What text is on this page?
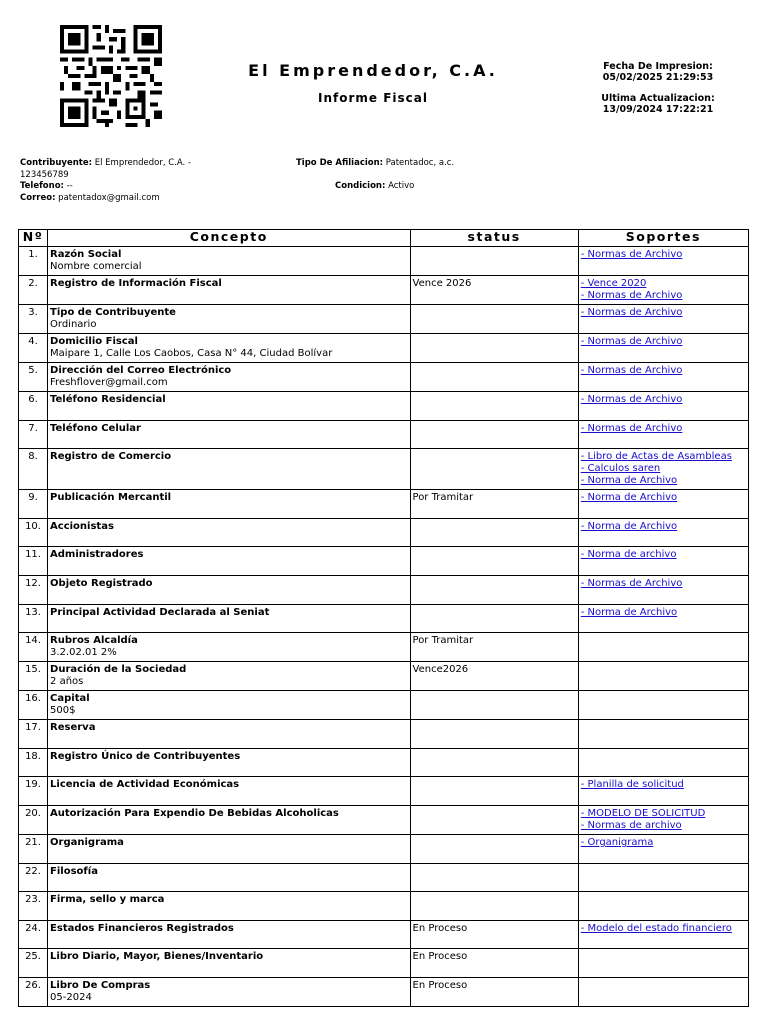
El Emprendedor, C.A.
Informe Fiscal
Fecha De Impresion:
05/02/2025 21:29:53
Ultima Actualizacion:
13/09/2024 17:22:21
Contribuyente: El Emprendedor, C.A. - 123456789
Telefono: --
Correo: patentadox@gmail.com
Tipo De Afiliacion: Patentadoc, a.c.
Condicion: Activo
Nº	Concepto	status	Soportes
1.	Razón Social
Nombre comercial		- Normas de Archivo

2.	Registro de Información Fiscal	Vence 2026	- Vence 2020
- Normas de Archivo

3.	Tipo de Contribuyente
Ordinario		- Normas de Archivo

4.	Domicilio Fiscal
Maipare 1, Calle Los Caobos, Casa N° 44, Ciudad Bolívar		- Normas de Archivo

5.	Dirección del Correo Electrónico
Freshflover@gmail.com		- Normas de Archivo

6.	Teléfono Residencial		- Normas de Archivo

7.	Teléfono Celular		- Normas de Archivo

8.	Registro de Comercio		- Libro de Actas de Asambleas
- Calculos saren
- Norma de Archivo

9.	Publicación Mercantil	Por Tramitar	- Norma de Archivo

10.	Accionistas		- Norma de Archivo

11.	Administradores		- Norma de archivo

12.	Objeto Registrado		- Normas de Archivo

13.	Principal Actividad Declarada al Seniat		- Norma de Archivo

14.	Rubros Alcaldía
3.2.02.01 2%	Por Tramitar	
15.	Duración de la Sociedad
2 años	Vence2026	
16.	Capital
500$		

17.	Reserva		

18.	Registro Único de Contribuyentes		

19.	Licencia de Actividad Económicas		- Planilla de solicitud

20.	Autorización Para Expendio De Bebidas Alcoholicas		- MODELO DE SOLICITUD
- Normas de archivo

21.	Organigrama		- Organigrama

22.	Filosofía		

23.	Firma, sello y marca		

24.	Estados Financieros Registrados	En Proceso	- Modelo del estado financiero

25.	Libro Diario, Mayor, Bienes/Inventario	En Proceso	
26.	Libro De Compras
05-2024	En Proceso	
